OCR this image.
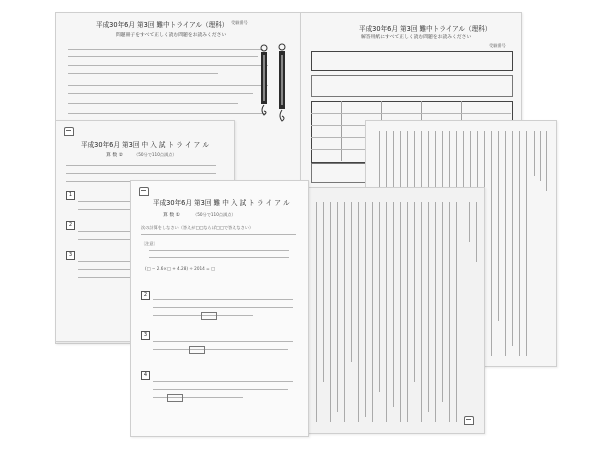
平成30年6月 第3回 難中トライアル（理科） 受験番号
問題冊子をすべて正しく読む問題をお読みください
平成30年6月 第3回 難中トライアル（理科）
受験番号
解答用紙にすべて正しく読む問題をお読みください
平成30年6月 第3回 中 入 試 ト ラ イ ア ル
算 数 ②	（50分で110点満点）
1
2
3
平成30年6月 第3回 難 中 入 試 ト ラ イ ア ル
算 数 ①	（50分で110点満点）
次の計算をしなさい（答えが□□ならば□□で答えなさい）
〔注意〕
(□ − 2.6×□ + 4.28) ÷ 2014 = □
2
3
4
